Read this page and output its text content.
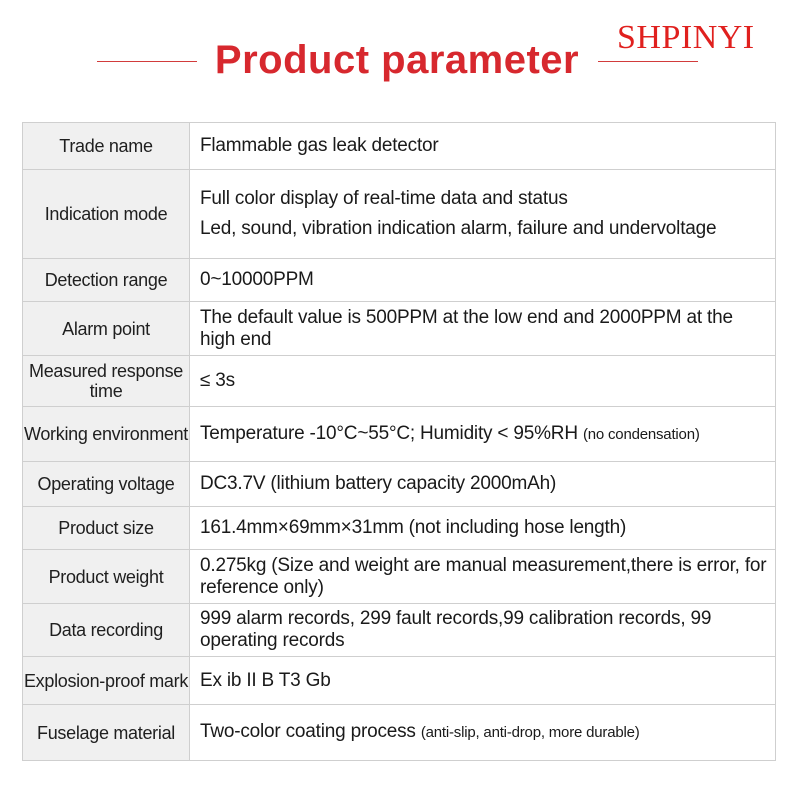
Product parameter
SHPINYI
Trade name	Flammable gas leak detector
Indication mode	Full color display of real-time data and status
Led, sound, vibration indication alarm, failure and undervoltage

Detection range	0~10000PPM
Alarm point	The default value is 500PPM at the low end and 2000PPM at the high end
Measured response time	≤ 3s
Working environment	Temperature -10°C~55°C; Humidity < 95%RH (no condensation)
Operating voltage	DC3.7V (lithium battery capacity 2000mAh)
Product size	161.4mm×69mm×31mm (not including hose length)
Product weight	0.275kg (Size and weight are manual measurement,there is error, for reference only)
Data recording	999 alarm records, 299 fault records,99 calibration records, 99 operating records
Explosion-proof mark	Ex ib II B T3 Gb
Fuselage material	Two-color coating process (anti-slip, anti-drop, more durable)
